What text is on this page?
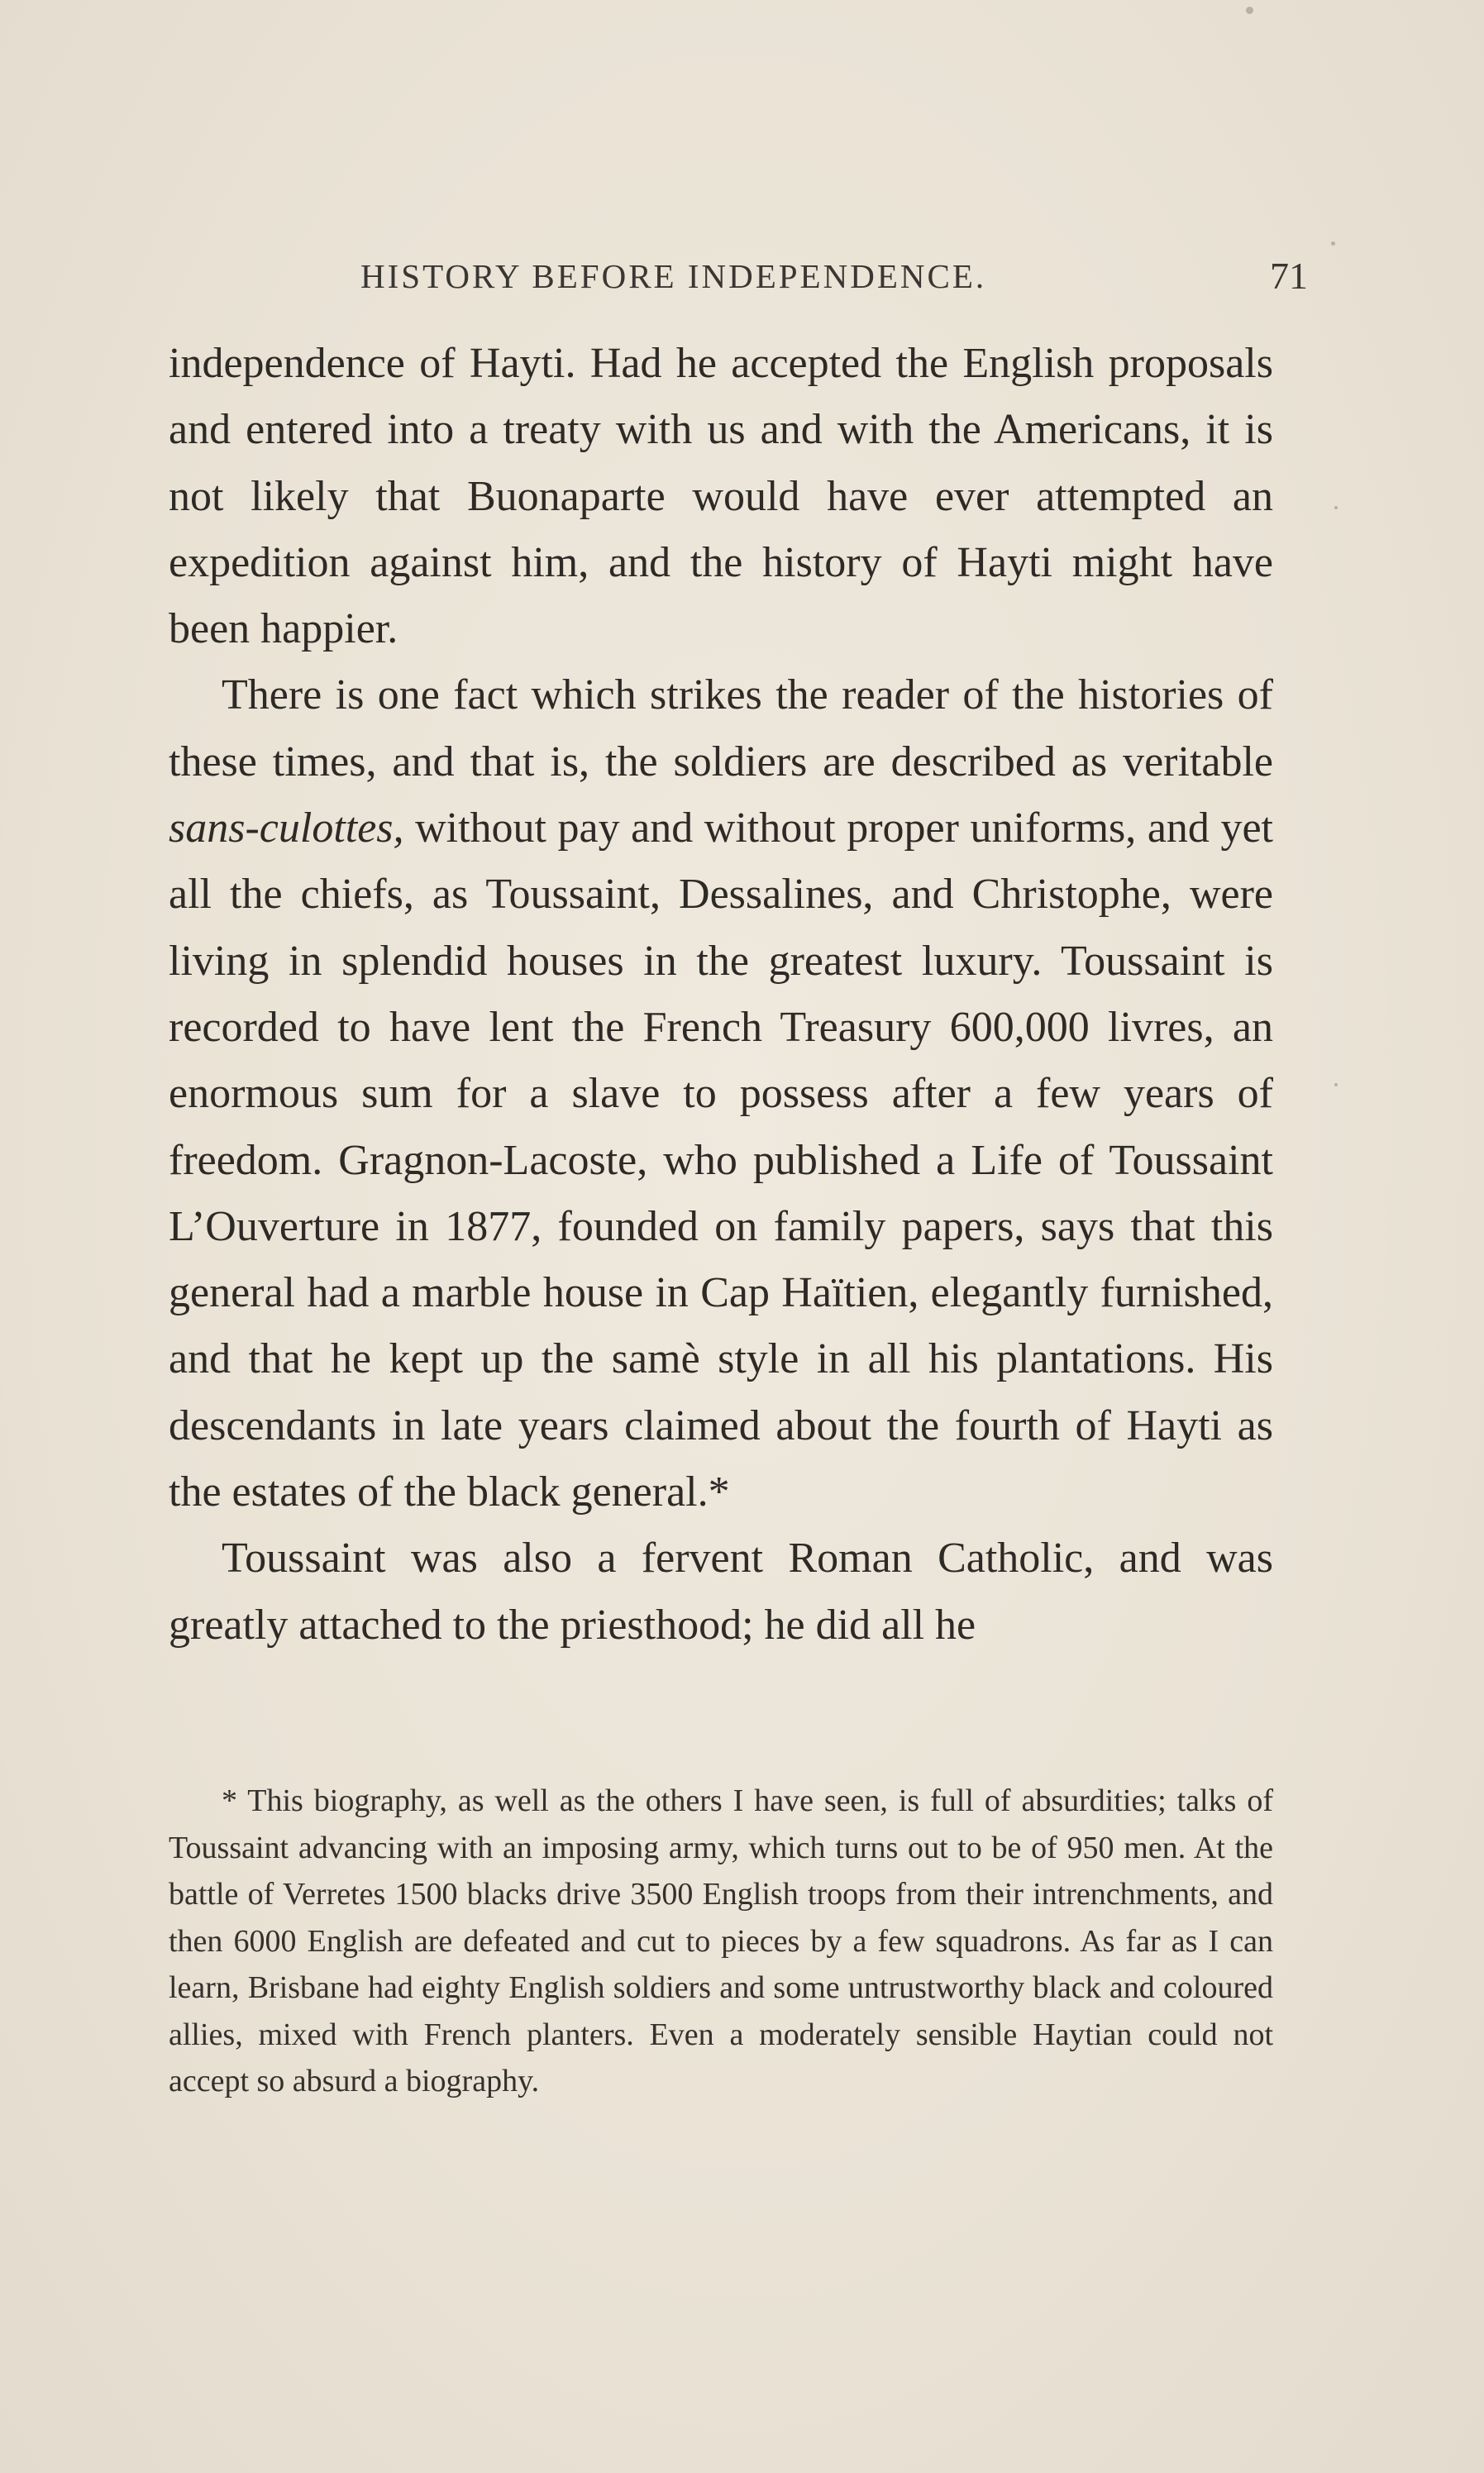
HISTORY BEFORE INDEPENDENCE.	71

independence of Hayti. Had he accepted the English proposals and entered into a treaty with us and with the Americans, it is not likely that Buonaparte would have ever attempted an expedition against him, and the history of Hayti might have been happier.

There is one fact which strikes the reader of the histories of these times, and that is, the soldiers are described as veritable sans-culottes, without pay and without proper uniforms, and yet all the chiefs, as Toussaint, Dessalines, and Christophe, were living in splendid houses in the greatest luxury. Toussaint is recorded to have lent the French Treasury 600,000 livres, an enormous sum for a slave to possess after a few years of freedom. Gragnon-Lacoste, who published a Life of Toussaint L’Ouverture in 1877, founded on family papers, says that this general had a marble house in Cap Haïtien, elegantly furnished, and that he kept up the samè style in all his plantations. His descendants in late years claimed about the fourth of Hayti as the estates of the black general.*

Toussaint was also a fervent Roman Catholic, and was greatly attached to the priesthood; he did all he

* This biography, as well as the others I have seen, is full of absurdities; talks of Toussaint advancing with an imposing army, which turns out to be of 950 men. At the battle of Verretes 1500 blacks drive 3500 English troops from their intrenchments, and then 6000 English are defeated and cut to pieces by a few squadrons. As far as I can learn, Brisbane had eighty English soldiers and some untrustworthy black and coloured allies, mixed with French planters. Even a moderately sensible Haytian could not accept so absurd a biography.
